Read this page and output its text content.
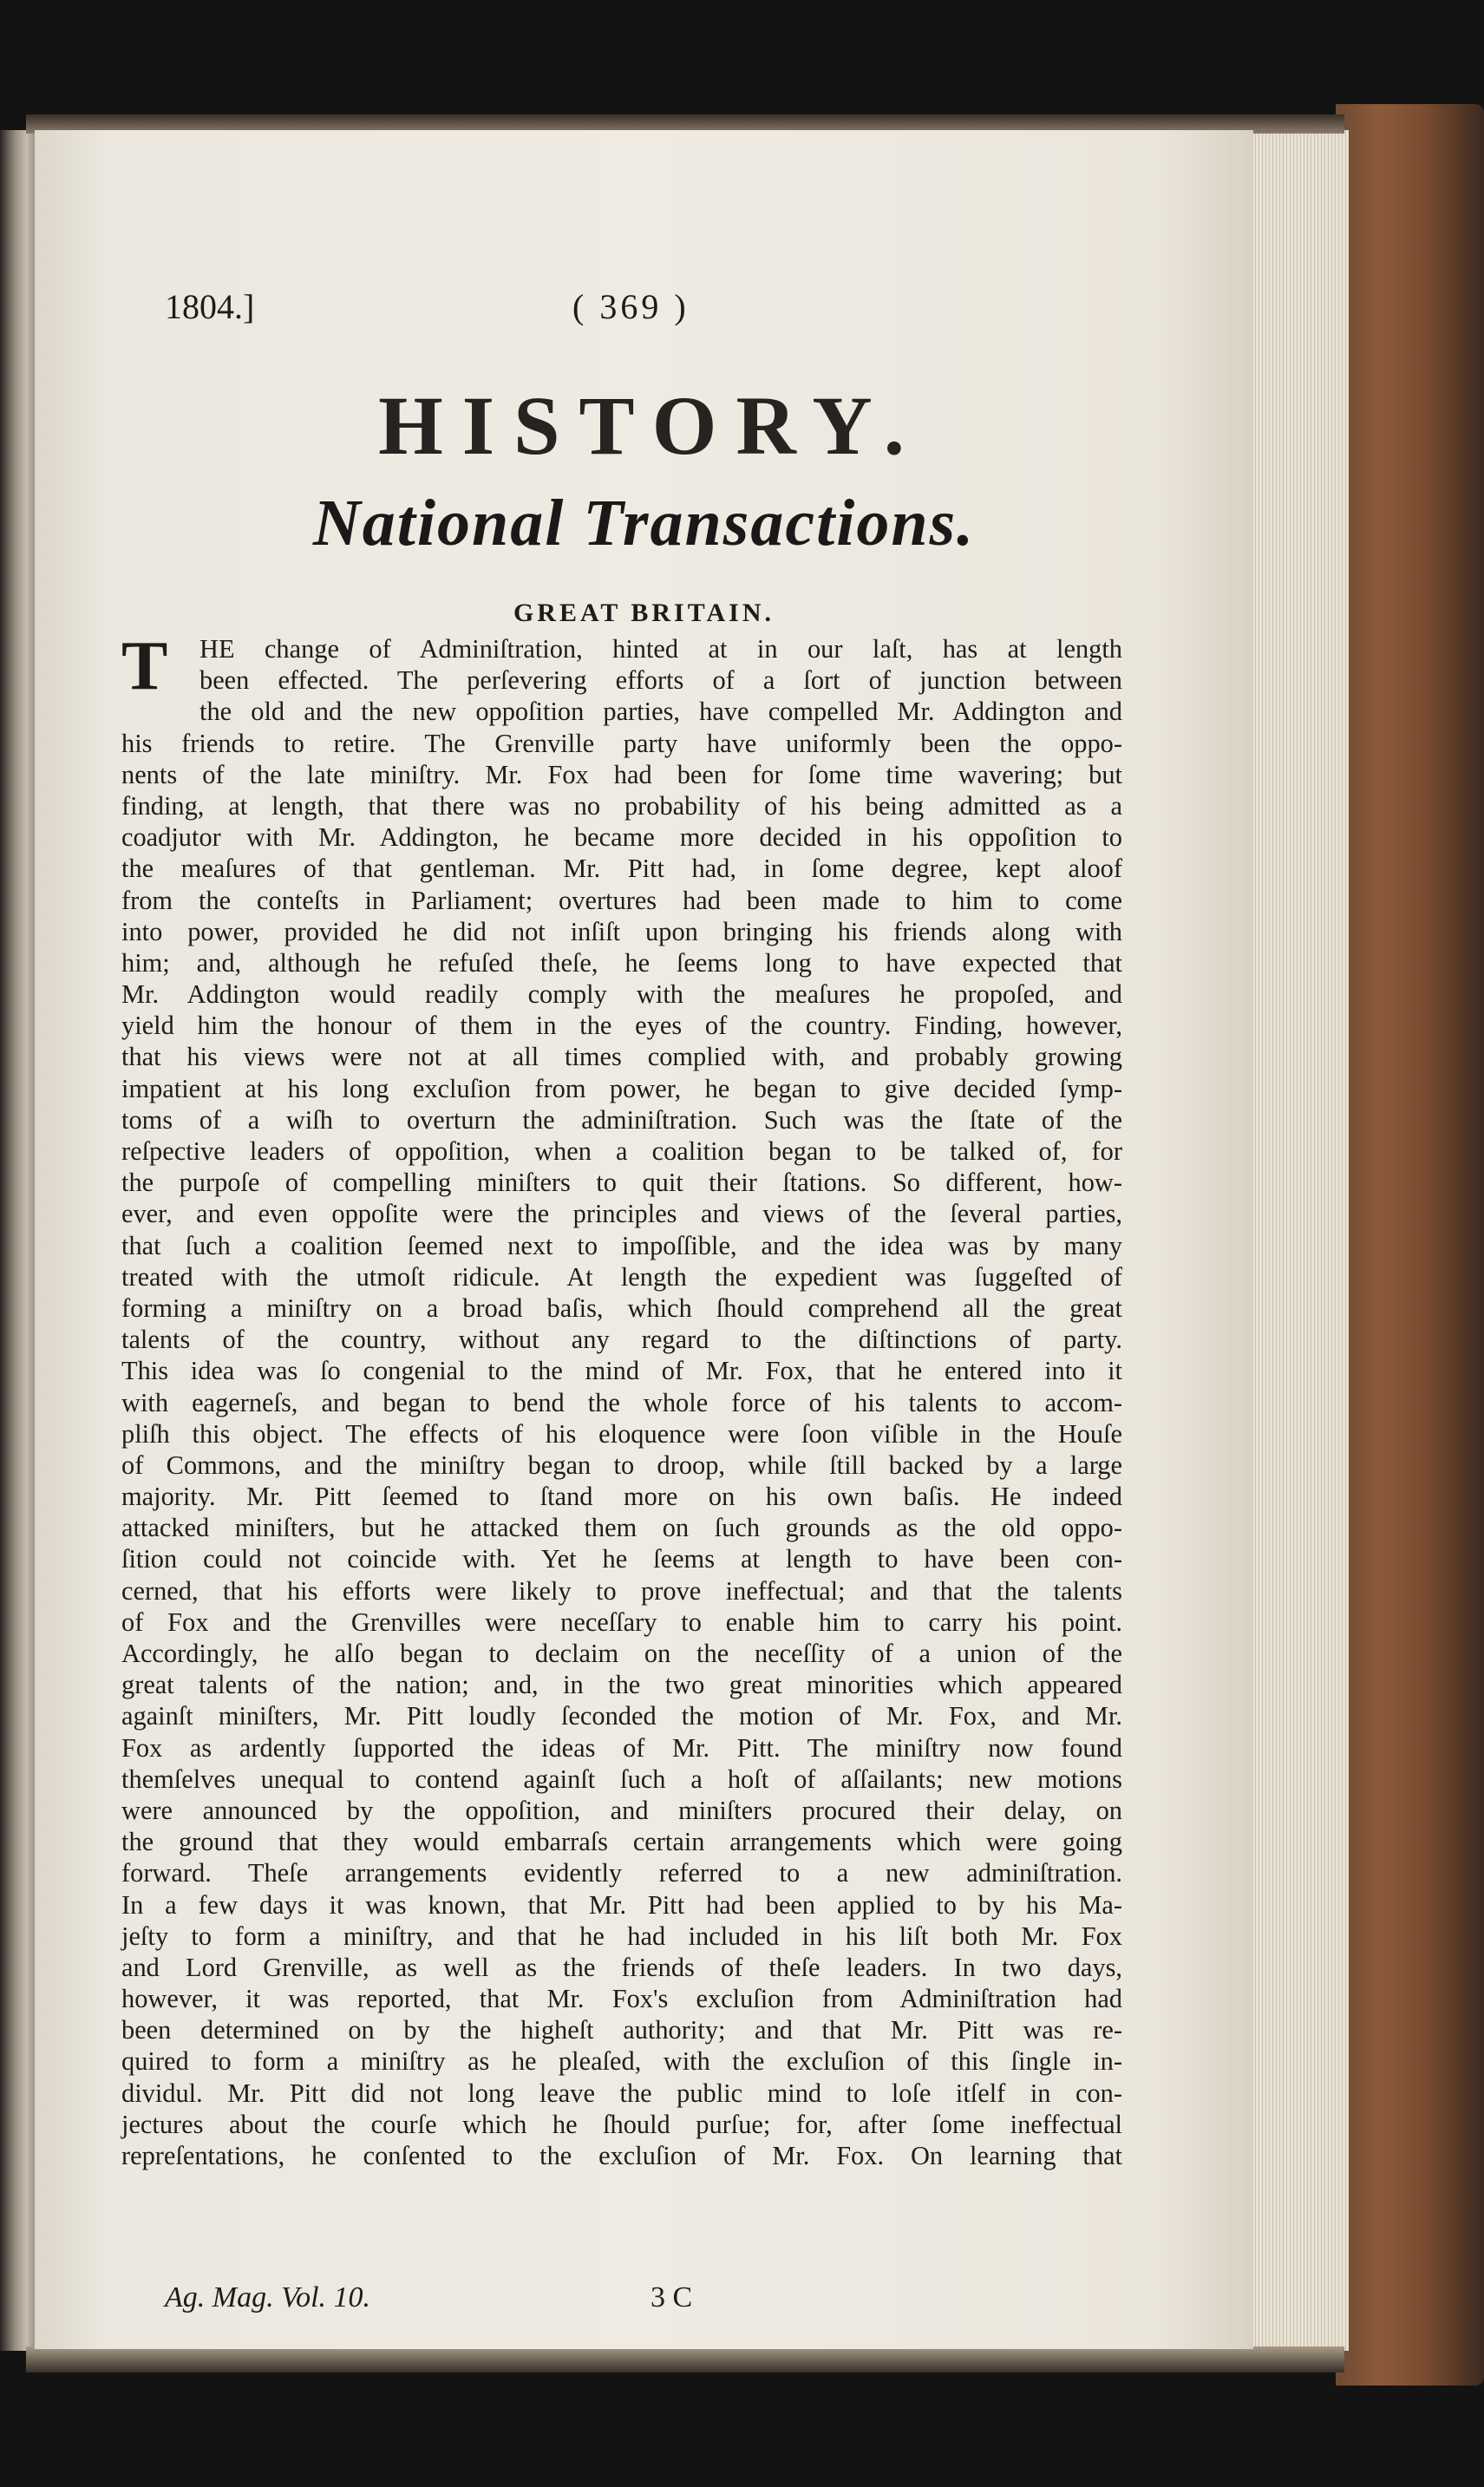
1804.]	( 369 )
HISTORY.
National Transactions.
GREAT BRITAIN.
T	HE change of Adminiſtration, hinted at in our laſt, has at length
been effected. The perſevering efforts of a ſort of junction between
the old and the new oppoſition parties, have compelled Mr. Addington and
his friends to retire. The Grenville party have uniformly been the oppo-
nents of the late miniſtry. Mr. Fox had been for ſome time wavering; but
finding, at length, that there was no probability of his being admitted as a
coadjutor with Mr. Addington, he became more decided in his oppoſition to
the meaſures of that gentleman. Mr. Pitt had, in ſome degree, kept aloof
from the conteſts in Parliament; overtures had been made to him to come
into power, provided he did not inſiſt upon bringing his friends along with
him; and, although he refuſed theſe, he ſeems long to have expected that
Mr. Addington would readily comply with the meaſures he propoſed, and
yield him the honour of them in the eyes of the country. Finding, however,
that his views were not at all times complied with, and probably growing
impatient at his long excluſion from power, he began to give decided ſymp-
toms of a wiſh to overturn the adminiſtration. Such was the ſtate of the
reſpective leaders of oppoſition, when a coalition began to be talked of, for
the purpoſe of compelling miniſters to quit their ſtations. So different, how-
ever, and even oppoſite were the principles and views of the ſeveral parties,
that ſuch a coalition ſeemed next to impoſſible, and the idea was by many
treated with the utmoſt ridicule. At length the expedient was ſuggeſted of
forming a miniſtry on a broad baſis, which ſhould comprehend all the great
talents of the country, without any regard to the diſtinctions of party.
This idea was ſo congenial to the mind of Mr. Fox, that he entered into it
with eagerneſs, and began to bend the whole force of his talents to accom-
pliſh this object. The effects of his eloquence were ſoon viſible in the Houſe
of Commons, and the miniſtry began to droop, while ſtill backed by a large
majority. Mr. Pitt ſeemed to ſtand more on his own baſis. He indeed
attacked miniſters, but he attacked them on ſuch grounds as the old oppo-
ſition could not coincide with. Yet he ſeems at length to have been con-
cerned, that his efforts were likely to prove ineffectual; and that the talents
of Fox and the Grenvilles were neceſſary to enable him to carry his point.
Accordingly, he alſo began to declaim on the neceſſity of a union of the
great talents of the nation; and, in the two great minorities which appeared
againſt miniſters, Mr. Pitt loudly ſeconded the motion of Mr. Fox, and Mr.
Fox as ardently ſupported the ideas of Mr. Pitt. The miniſtry now found
themſelves unequal to contend againſt ſuch a hoſt of aſſailants; new motions
were announced by the oppoſition, and miniſters procured their delay, on
the ground that they would embarraſs certain arrangements which were going
forward. Theſe arrangements evidently referred to a new adminiſtration.
In a few days it was known, that Mr. Pitt had been applied to by his Ma-
jeſty to form a miniſtry, and that he had included in his liſt both Mr. Fox
and Lord Grenville, as well as the friends of theſe leaders. In two days,
however, it was reported, that Mr. Fox's excluſion from Adminiſtration had
been determined on by the higheſt authority; and that Mr. Pitt was re-
quired to form a miniſtry as he pleaſed, with the excluſion of this ſingle in-
dividul. Mr. Pitt did not long leave the public mind to loſe itſelf in con-
jectures about the courſe which he ſhould purſue; for, after ſome ineffectual
repreſentations, he conſented to the excluſion of Mr. Fox. On learning that
Ag. Mag. Vol. 10.	3 C
